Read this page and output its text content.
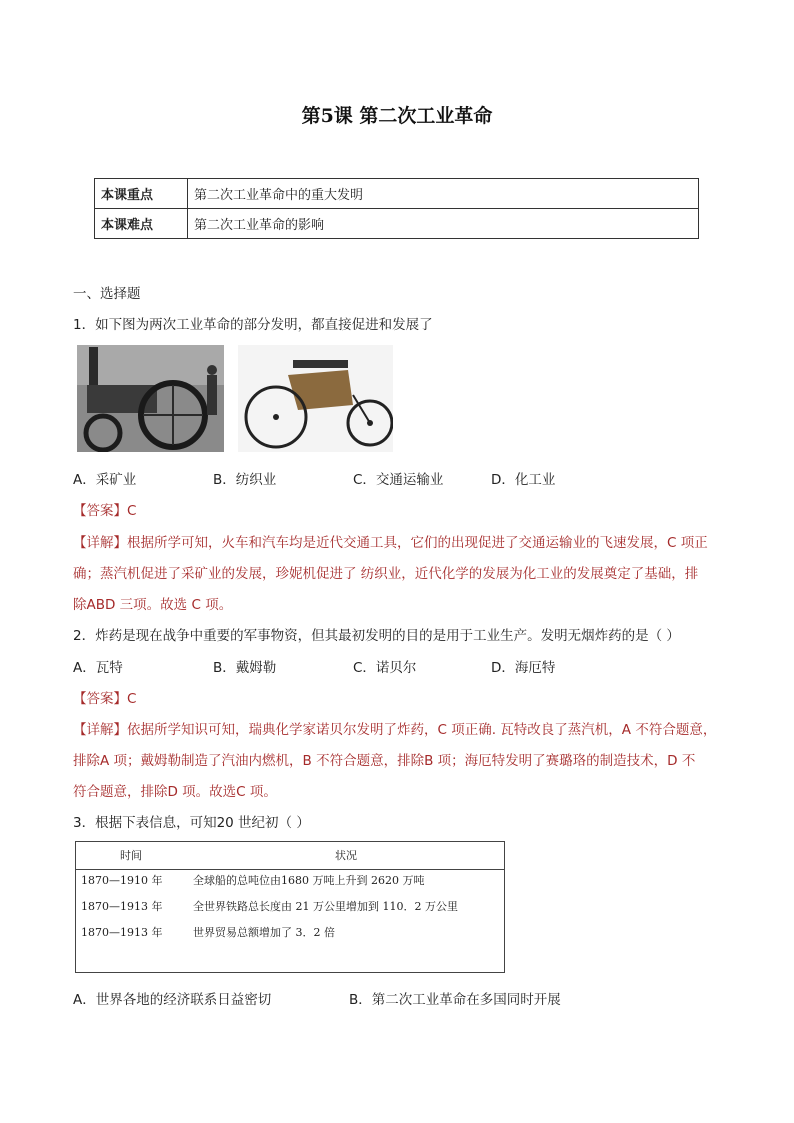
第5课 第二次工业革命
本课重点	第二次工业革命中的重大发明
本课难点	第二次工业革命的影响
一、选择题
1．如下图为两次工业革命的部分发明，都直接促进和发展了
A．采矿业	B．纺织业	C．交通运输业	D．化工业
【答案】C
【详解】根据所学可知，火车和汽车均是近代交通工具，它们的出现促进了交通运输业的飞速发展，C 项正
确；蒸汽机促进了采矿业的发展，珍妮机促进了 纺织业，近代化学的发展为化工业的发展奠定了基础，排
除ABD 三项。故选 C 项。
2．炸药是现在战争中重要的军事物资，但其最初发明的目的是用于工业生产。发明无烟炸药的是（ ）
A．瓦特	B．戴姆勒	C．诺贝尔	D．海厄特
【答案】C
【详解】依据所学知识可知，瑞典化学家诺贝尔发明了炸药，C 项正确. 瓦特改良了蒸汽机，A 不符合题意，
排除A 项；戴姆勒制造了汽油内燃机，B 不符合题意，排除B 项；海厄特发明了赛璐珞的制造技术，D 不
符合题意，排除D 项。故选C 项。
3．根据下表信息，可知20 世纪初（ ）
时间	状况
1870—1910 年	全球船的总吨位由1680 万吨上升到 2620 万吨
1870—1913 年	全世界铁路总长度由 21 万公里增加到 110．2 万公里
1870—1913 年	世界贸易总额增加了 3．2 倍
A．世界各地的经济联系日益密切	B．第二次工业革命在多国同时开展
